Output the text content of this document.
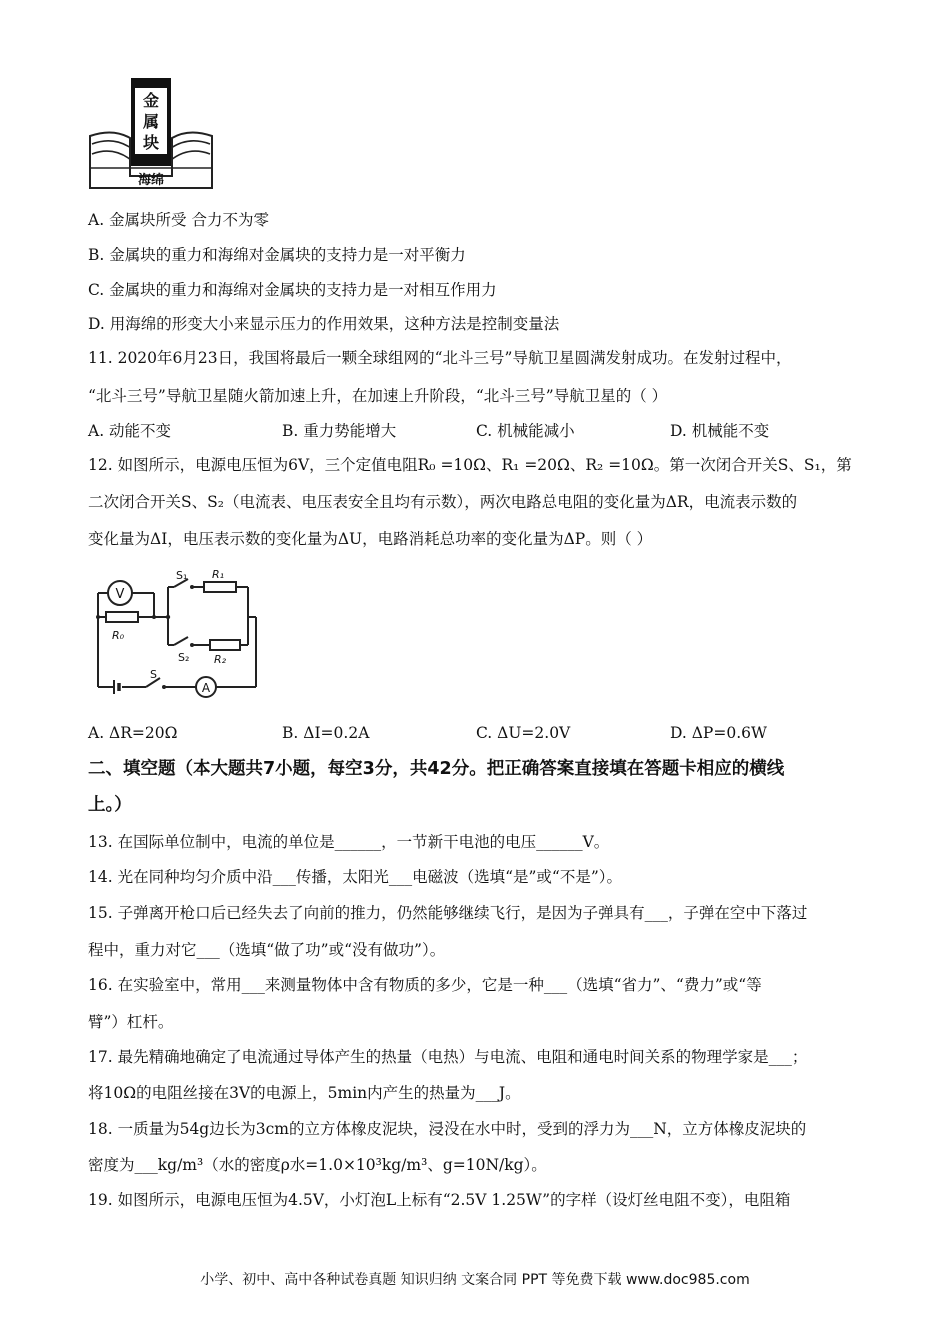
金
属
块
海绵
A. 金属块所受 合力不为零
B. 金属块的重力和海绵对金属块的支持力是一对平衡力
C. 金属块的重力和海绵对金属块的支持力是一对相互作用力
D. 用海绵的形变大小来显示压力的作用效果，这种方法是控制变量法
11. 2020年6月23日，我国将最后一颗全球组网的“北斗三号”导航卫星圆满发射成功。在发射过程中，
“北斗三号”导航卫星随火箭加速上升，在加速上升阶段，“北斗三号”导航卫星的（ ）
A. 动能不变	B. 重力势能增大	C. 机械能减小	D. 机械能不变
12. 如图所示，电源电压恒为6V，三个定值电阻R₀ =10Ω、R₁ =20Ω、R₂ =10Ω。第一次闭合开关S、S₁，第
二次闭合开关S、S₂（电流表、电压表安全且均有示数），两次电路总电阻的变化量为ΔR，电流表示数的
变化量为ΔI，电压表示数的变化量为ΔU，电路消耗总功率的变化量为ΔP。则（ ）
V
A
S₁
S₂
S
R₀
R₁
R₂
A. ΔR=20Ω	B. ΔI=0.2A	C. ΔU=2.0V	D. ΔP=0.6W
二、填空题（本大题共7小题，每空3分，共42分。把正确答案直接填在答题卡相应的横线
上。）
13. 在国际单位制中，电流的单位是______，一节新干电池的电压______V。
14. 光在同种均匀介质中沿___传播，太阳光___电磁波（选填“是”或“不是”）。
15. 子弹离开枪口后已经失去了向前的推力，仍然能够继续飞行，是因为子弹具有___，子弹在空中下落过
程中，重力对它___（选填“做了功”或“没有做功”）。
16. 在实验室中，常用___来测量物体中含有物质的多少，它是一种___（选填“省力”、“费力”或“等
臂”）杠杆。
17. 最先精确地确定了电流通过导体产生的热量（电热）与电流、电阻和通电时间关系的物理学家是___；
将10Ω的电阻丝接在3V的电源上，5min内产生的热量为___J。
18. 一质量为54g边长为3cm的立方体橡皮泥块，浸没在水中时，受到的浮力为___N，立方体橡皮泥块的
密度为___kg/m³（水的密度ρ水=1.0×10³kg/m³、g=10N/kg）。
19. 如图所示，电源电压恒为4.5V，小灯泡L上标有“2.5V 1.25W”的字样（设灯丝电阻不变），电阻箱
小学、初中、高中各种试卷真题 知识归纳 文案合同 PPT 等免费下载 www.doc985.com
